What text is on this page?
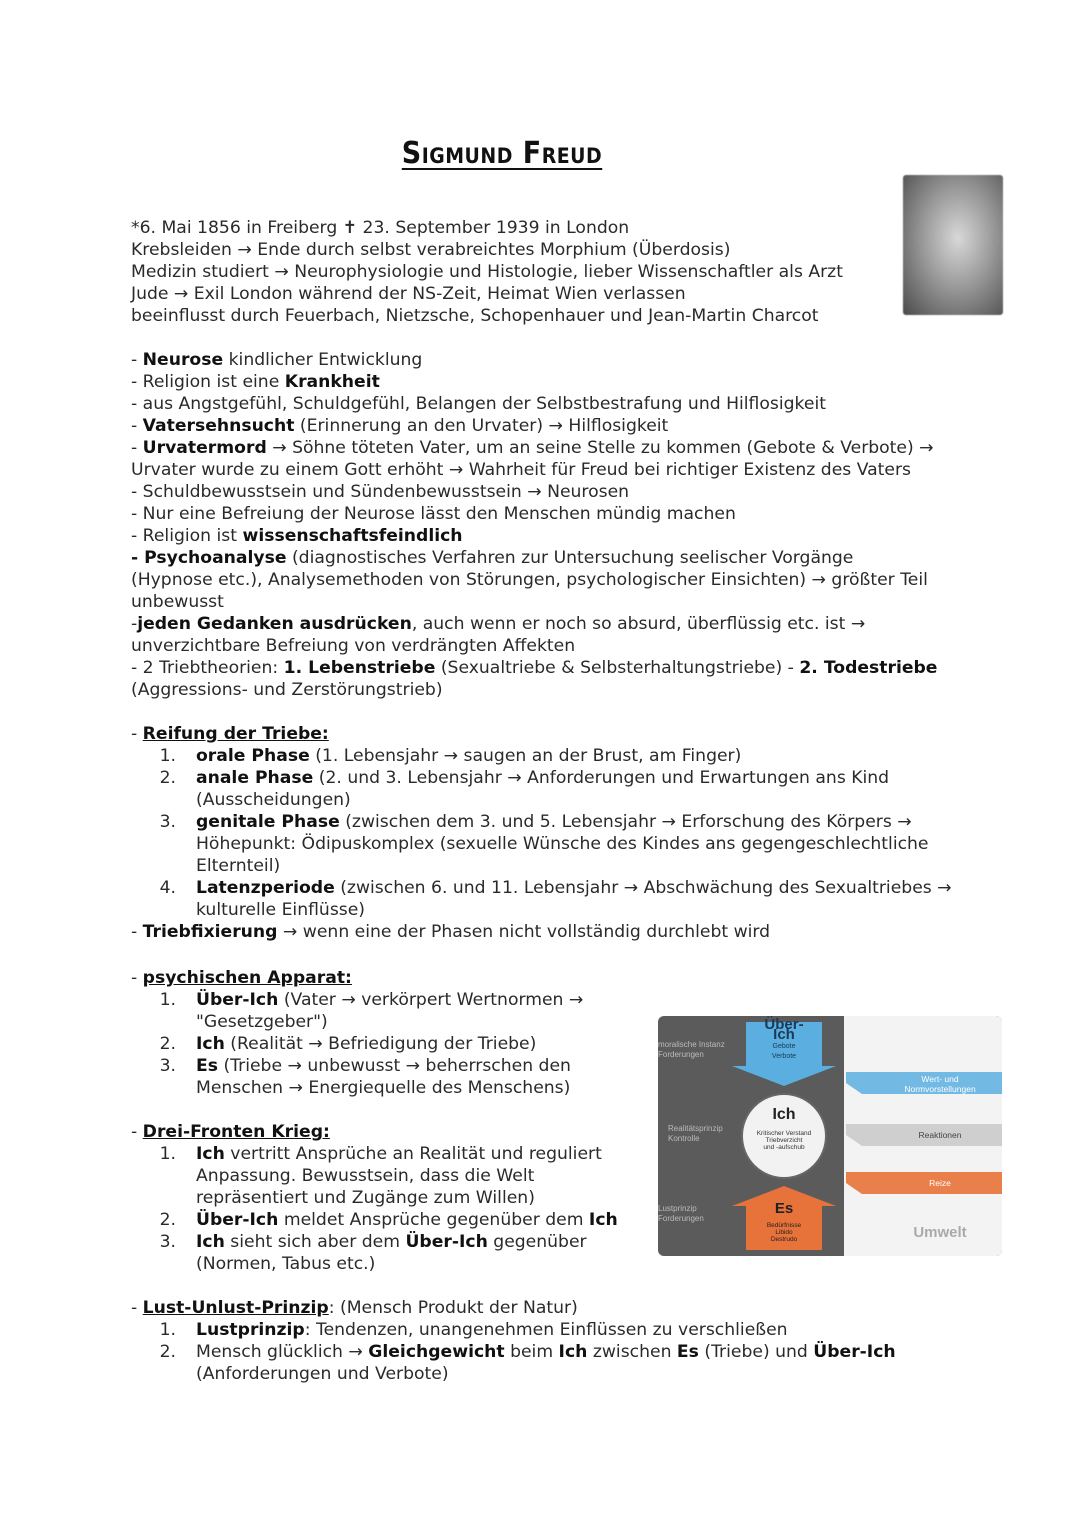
Sigmund Freud
*6. Mai 1856 in Freiberg ✝ 23. September 1939 in London
Krebsleiden → Ende durch selbst verabreichtes Morphium (Überdosis)
Medizin studiert → Neurophysiologie und Histologie, lieber Wissenschaftler als Arzt
Jude → Exil London während der NS-Zeit, Heimat Wien verlassen
beeinflusst durch Feuerbach, Nietzsche, Schopenhauer und Jean-Martin Charcot
- Neurose kindlicher Entwicklung
- Religion ist eine Krankheit
- aus Angstgefühl, Schuldgefühl, Belangen der Selbstbestrafung und Hilflosigkeit
- Vatersehnsucht (Erinnerung an den Urvater) → Hilflosigkeit
- Urvatermord → Söhne töteten Vater, um an seine Stelle zu kommen (Gebote & Verbote) →
Urvater wurde zu einem Gott erhöht → Wahrheit für Freud bei richtiger Existenz des Vaters
- Schuldbewusstsein und Sündenbewusstsein → Neurosen
- Nur eine Befreiung der Neurose lässt den Menschen mündig machen
- Religion ist wissenschaftsfeindlich
- Psychoanalyse (diagnostisches Verfahren zur Untersuchung seelischer Vorgänge
(Hypnose etc.), Analysemethoden von Störungen, psychologischer Einsichten) → größter Teil
unbewusst
-jeden Gedanken ausdrücken, auch wenn er noch so absurd, überflüssig etc. ist →
unverzichtbare Befreiung von verdrängten Affekten
- 2 Triebtheorien: 1. Lebenstriebe (Sexualtriebe & Selbsterhaltungstriebe) - 2. Todestriebe
(Aggressions- und Zerstörungstrieb)
- Reifung der Triebe:
1. orale Phase (1. Lebensjahr → saugen an der Brust, am Finger)
2. anale Phase (2. und 3. Lebensjahr → Anforderungen und Erwartungen ans Kind
(Ausscheidungen)
3. genitale Phase (zwischen dem 3. und 5. Lebensjahr → Erforschung des Körpers →
Höhepunkt: Ödipuskomplex (sexuelle Wünsche des Kindes ans gegengeschlechtliche
Elternteil)
4. Latenzperiode (zwischen 6. und 11. Lebensjahr → Abschwächung des Sexualtriebes →
kulturelle Einflüsse)
- Triebfixierung → wenn eine der Phasen nicht vollständig durchlebt wird
- psychischen Apparat:
1. Über-Ich (Vater → verkörpert Wertnormen →
"Gesetzgeber")
2. Ich (Realität → Befriedigung der Triebe)
3. Es (Triebe → unbewusst → beherrschen den
Menschen → Energiequelle des Menschens)
- Drei-Fronten Krieg:
1. Ich vertritt Ansprüche an Realität und reguliert
Anpassung. Bewusstsein, dass die Welt
repräsentiert und Zugänge zum Willen)
2. Über-Ich meldet Ansprüche gegenüber dem Ich
3. Ich sieht sich aber dem Über-Ich gegenüber
(Normen, Tabus etc.)
- Lust-Unlust-Prinzip: (Mensch Produkt der Natur)
1. Lustprinzip: Tendenzen, unangenehmen Einflüssen zu verschließen
2. Mensch glücklich → Gleichgewicht beim Ich zwischen Es (Triebe) und Über-Ich
(Anforderungen und Verbote)
Über-Ich
Gebote
Verbote
Ich
Kritischer Verstand
Triebverzicht
und -aufschub
Es
Bedürfnisse
Libido
Destrudo
moralische Instanz
Forderungen
Realitätsprinzip
Kontrolle
Lustprinzip
Forderungen
Wert- und
Normvorstellungen
Reaktionen
Reize
Umwelt
